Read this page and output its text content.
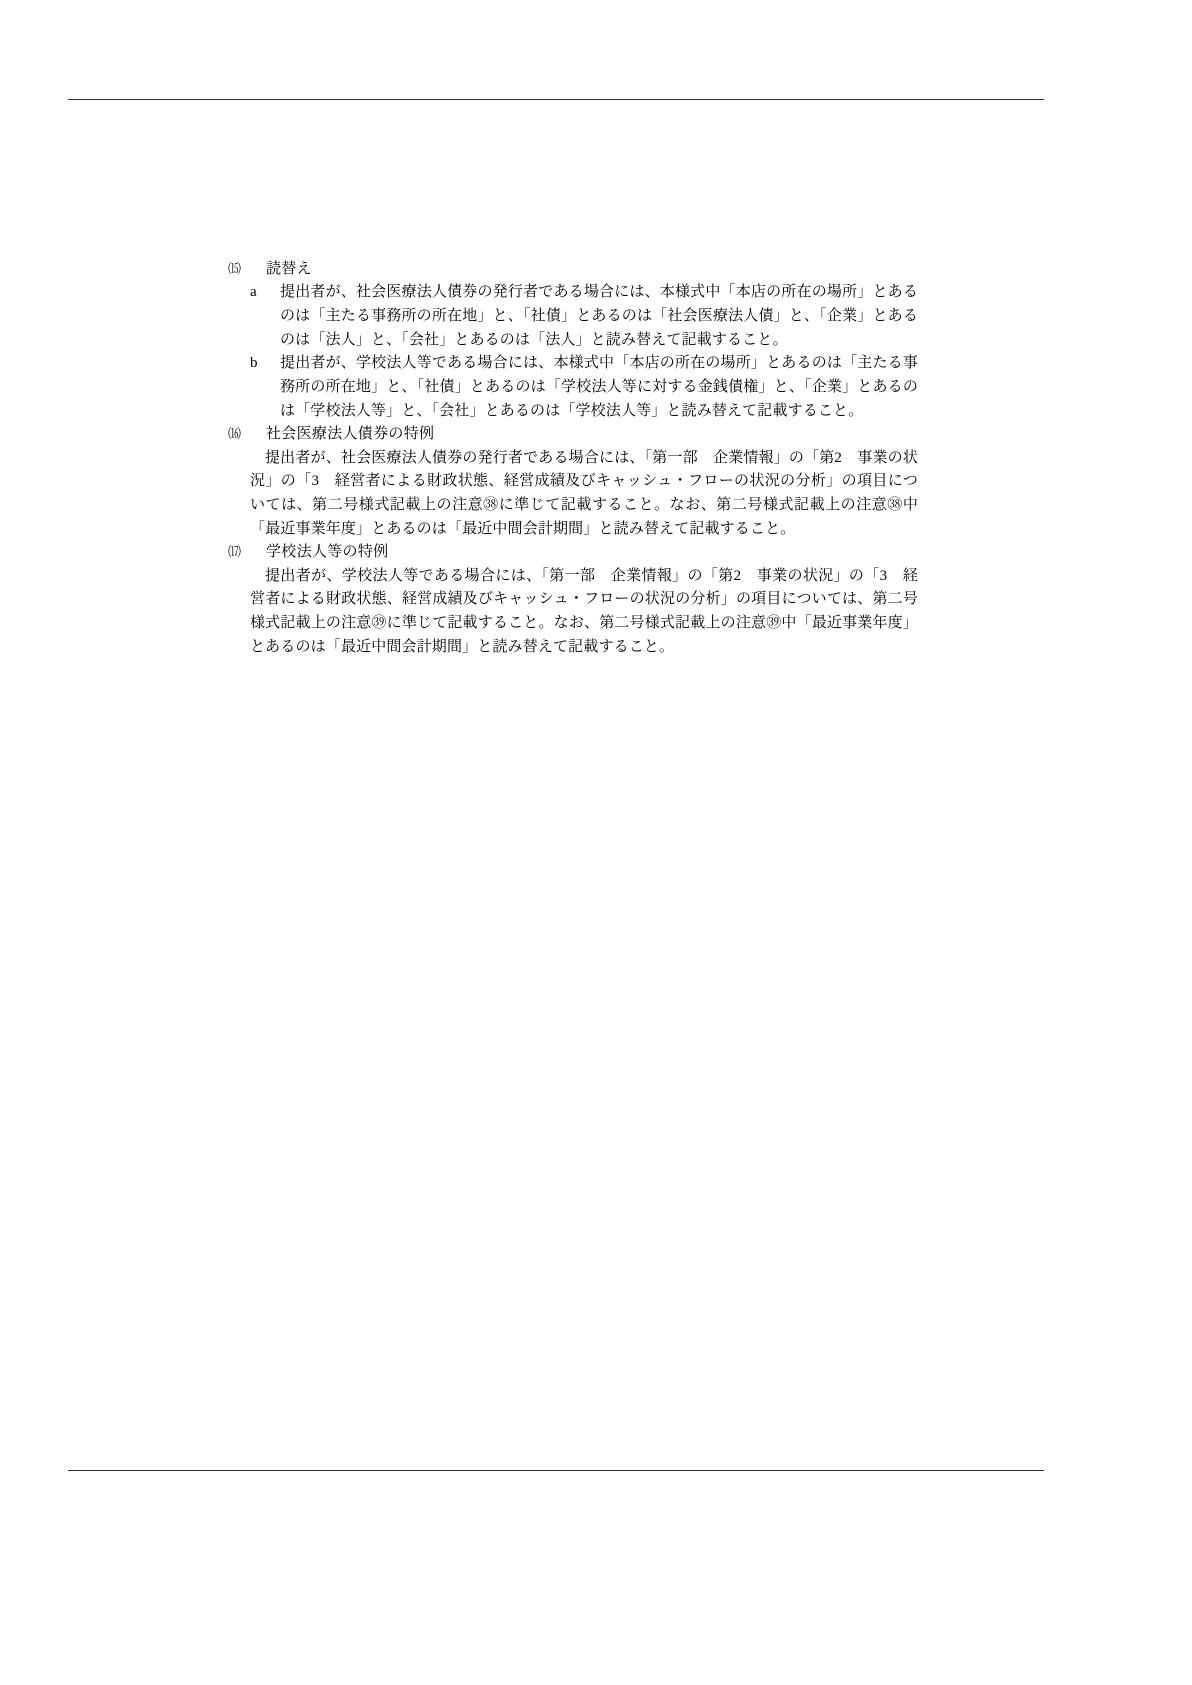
⒂	読替え
a	提出者が、社会医療法人債券の発行者である場合には、本様式中「本店の所在の場所」とあるのは「主たる事務所の所在地」と、「社債」とあるのは「社会医療法人債」と、「企業」とあるのは「法人」と、「会社」とあるのは「法人」と読み替えて記載すること。
b	提出者が、学校法人等である場合には、本様式中「本店の所在の場所」とあるのは「主たる事務所の所在地」と、「社債」とあるのは「学校法人等に対する金銭債権」と、「企業」とあるのは「学校法人等」と、「会社」とあるのは「学校法人等」と読み替えて記載すること。
⒃	社会医療法人債券の特例
提出者が、社会医療法人債券の発行者である場合には、「第一部　企業情報」の「第2　事業の状況」の「3　経営者による財政状態、経営成績及びキャッシュ・フローの状況の分析」の項目については、第二号様式記載上の注意㊳に準じて記載すること。なお、第二号様式記載上の注意㊳中「最近事業年度」とあるのは「最近中間会計期間」と読み替えて記載すること。
⒄	学校法人等の特例
提出者が、学校法人等である場合には、「第一部　企業情報」の「第2　事業の状況」の「3　経営者による財政状態、経営成績及びキャッシュ・フローの状況の分析」の項目については、第二号様式記載上の注意㊴に準じて記載すること。なお、第二号様式記載上の注意㊴中「最近事業年度」とあるのは「最近中間会計期間」と読み替えて記載すること。
